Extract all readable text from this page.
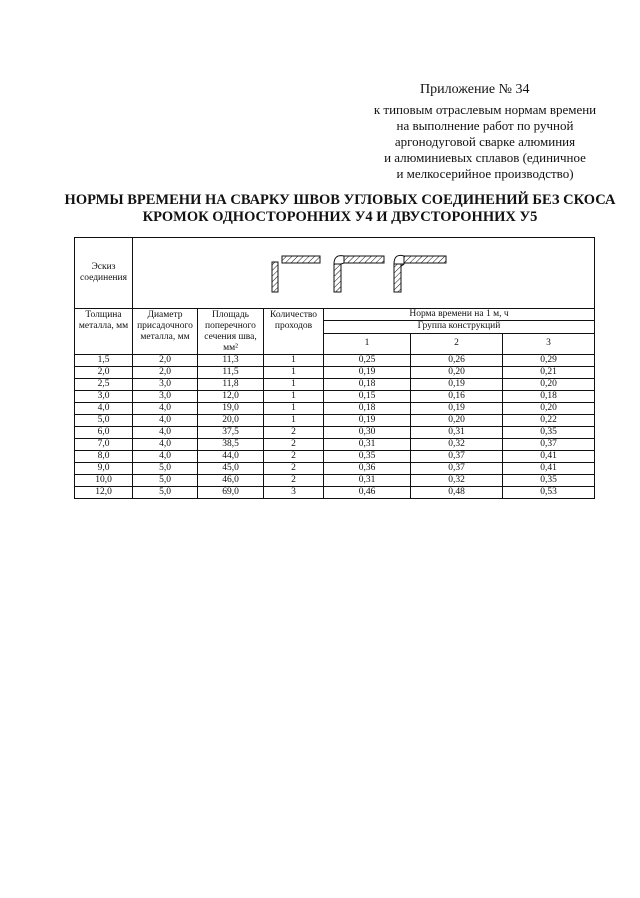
Приложение № 34
к типовым отраслевым нормам времени
на выполнение работ по ручной
аргонодуговой сварке алюминия
и алюминиевых сплавов (единичное
и мелкосерийное производство)
НОРМЫ ВРЕМЕНИ НА СВАРКУ ШВОВ УГЛОВЫХ СОЕДИНЕНИЙ БЕЗ СКОСА
КРОМОК ОДНОСТОРОННИХ У4 И ДВУСТОРОННИХ У5
Эскиз соединения	

Толщина металла, мм	Диаметр присадочного металла, мм	Площадь поперечного сечения шва, мм²	Количество проходов	Норма времени на 1 м, ч		
				Группа конструкций		
				1	2	3
1,5	2,0	11,3	1	0,25	0,26	0,29
2,0	2,0	11,5	1	0,19	0,20	0,21
2,5	3,0	11,8	1	0,18	0,19	0,20
3,0	3,0	12,0	1	0,15	0,16	0,18
4,0	4,0	19,0	1	0,18	0,19	0,20
5,0	4,0	20,0	1	0,19	0,20	0,22
6,0	4,0	37,5	2	0,30	0,31	0,35
7,0	4,0	38,5	2	0,31	0,32	0,37
8,0	4,0	44,0	2	0,35	0,37	0,41
9,0	5,0	45,0	2	0,36	0,37	0,41
10,0	5,0	46,0	2	0,31	0,32	0,35
12,0	5,0	69,0	3	0,46	0,48	0,53
